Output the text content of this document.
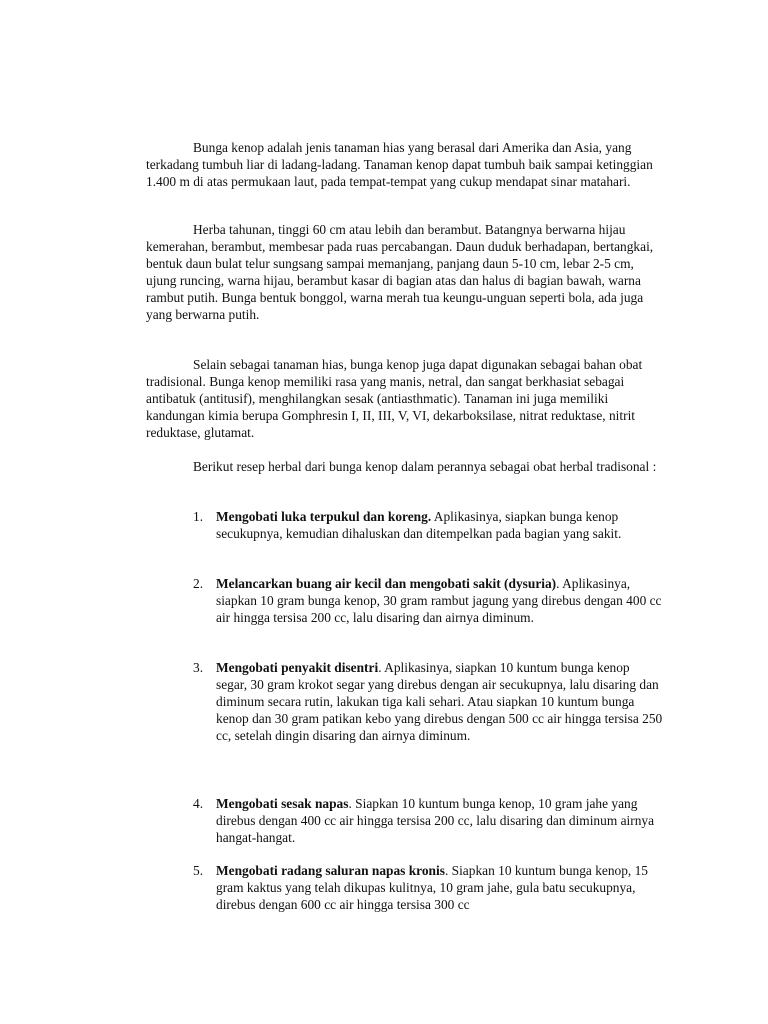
Bunga kenop adalah jenis tanaman hias yang berasal dari Amerika dan Asia, yang terkadang tumbuh liar di ladang-ladang. Tanaman kenop dapat tumbuh baik sampai ketinggian 1.400 m di atas permukaan laut, pada tempat-tempat yang cukup mendapat sinar matahari.

Herba tahunan, tinggi 60 cm atau lebih dan berambut. Batangnya berwarna hijau kemerahan, berambut, membesar pada ruas percabangan. Daun duduk berhadapan, bertangkai, bentuk daun bulat telur sungsang sampai memanjang, panjang daun 5-10 cm, lebar 2-5 cm, ujung runcing, warna hijau, berambut kasar di bagian atas dan halus di bagian bawah, warna rambut putih. Bunga bentuk bonggol, warna merah tua keungu-unguan seperti bola, ada juga yang berwarna putih.

Selain sebagai tanaman hias, bunga kenop juga dapat digunakan sebagai bahan obat tradisional. Bunga kenop memiliki rasa yang manis, netral, dan sangat berkhasiat sebagai antibatuk (antitusif), menghilangkan sesak (antiasthmatic). Tanaman ini juga memiliki kandungan kimia berupa Gomphresin I, II, III, V, VI, dekarboksilase, nitrat reduktase, nitrit reduktase, glutamat.

Berikut resep herbal dari bunga kenop dalam perannya sebagai obat herbal tradisonal :

1. Mengobati luka terpukul dan koreng. Aplikasinya, siapkan bunga kenop secukupnya, kemudian dihaluskan dan ditempelkan pada bagian yang sakit.
2. Melancarkan buang air kecil dan mengobati sakit (dysuria). Aplikasinya, siapkan 10 gram bunga kenop, 30 gram rambut jagung yang direbus dengan 400 cc air hingga tersisa 200 cc, lalu disaring dan airnya diminum.
3. Mengobati penyakit disentri. Aplikasinya, siapkan 10 kuntum bunga kenop segar, 30 gram krokot segar yang direbus dengan air secukupnya, lalu disaring dan diminum secara rutin, lakukan tiga kali sehari. Atau siapkan 10 kuntum bunga kenop dan 30 gram patikan kebo yang direbus dengan 500 cc air hingga tersisa 250 cc, setelah dingin disaring dan airnya diminum.
4. Mengobati sesak napas. Siapkan 10 kuntum bunga kenop, 10 gram jahe yang direbus dengan 400 cc air hingga tersisa 200 cc, lalu disaring dan diminum airnya hangat-hangat.
5. Mengobati radang saluran napas kronis. Siapkan 10 kuntum bunga kenop, 15 gram kaktus yang telah dikupas kulitnya, 10 gram jahe, gula batu secukupnya, direbus dengan 600 cc air hingga tersisa 300 cc
